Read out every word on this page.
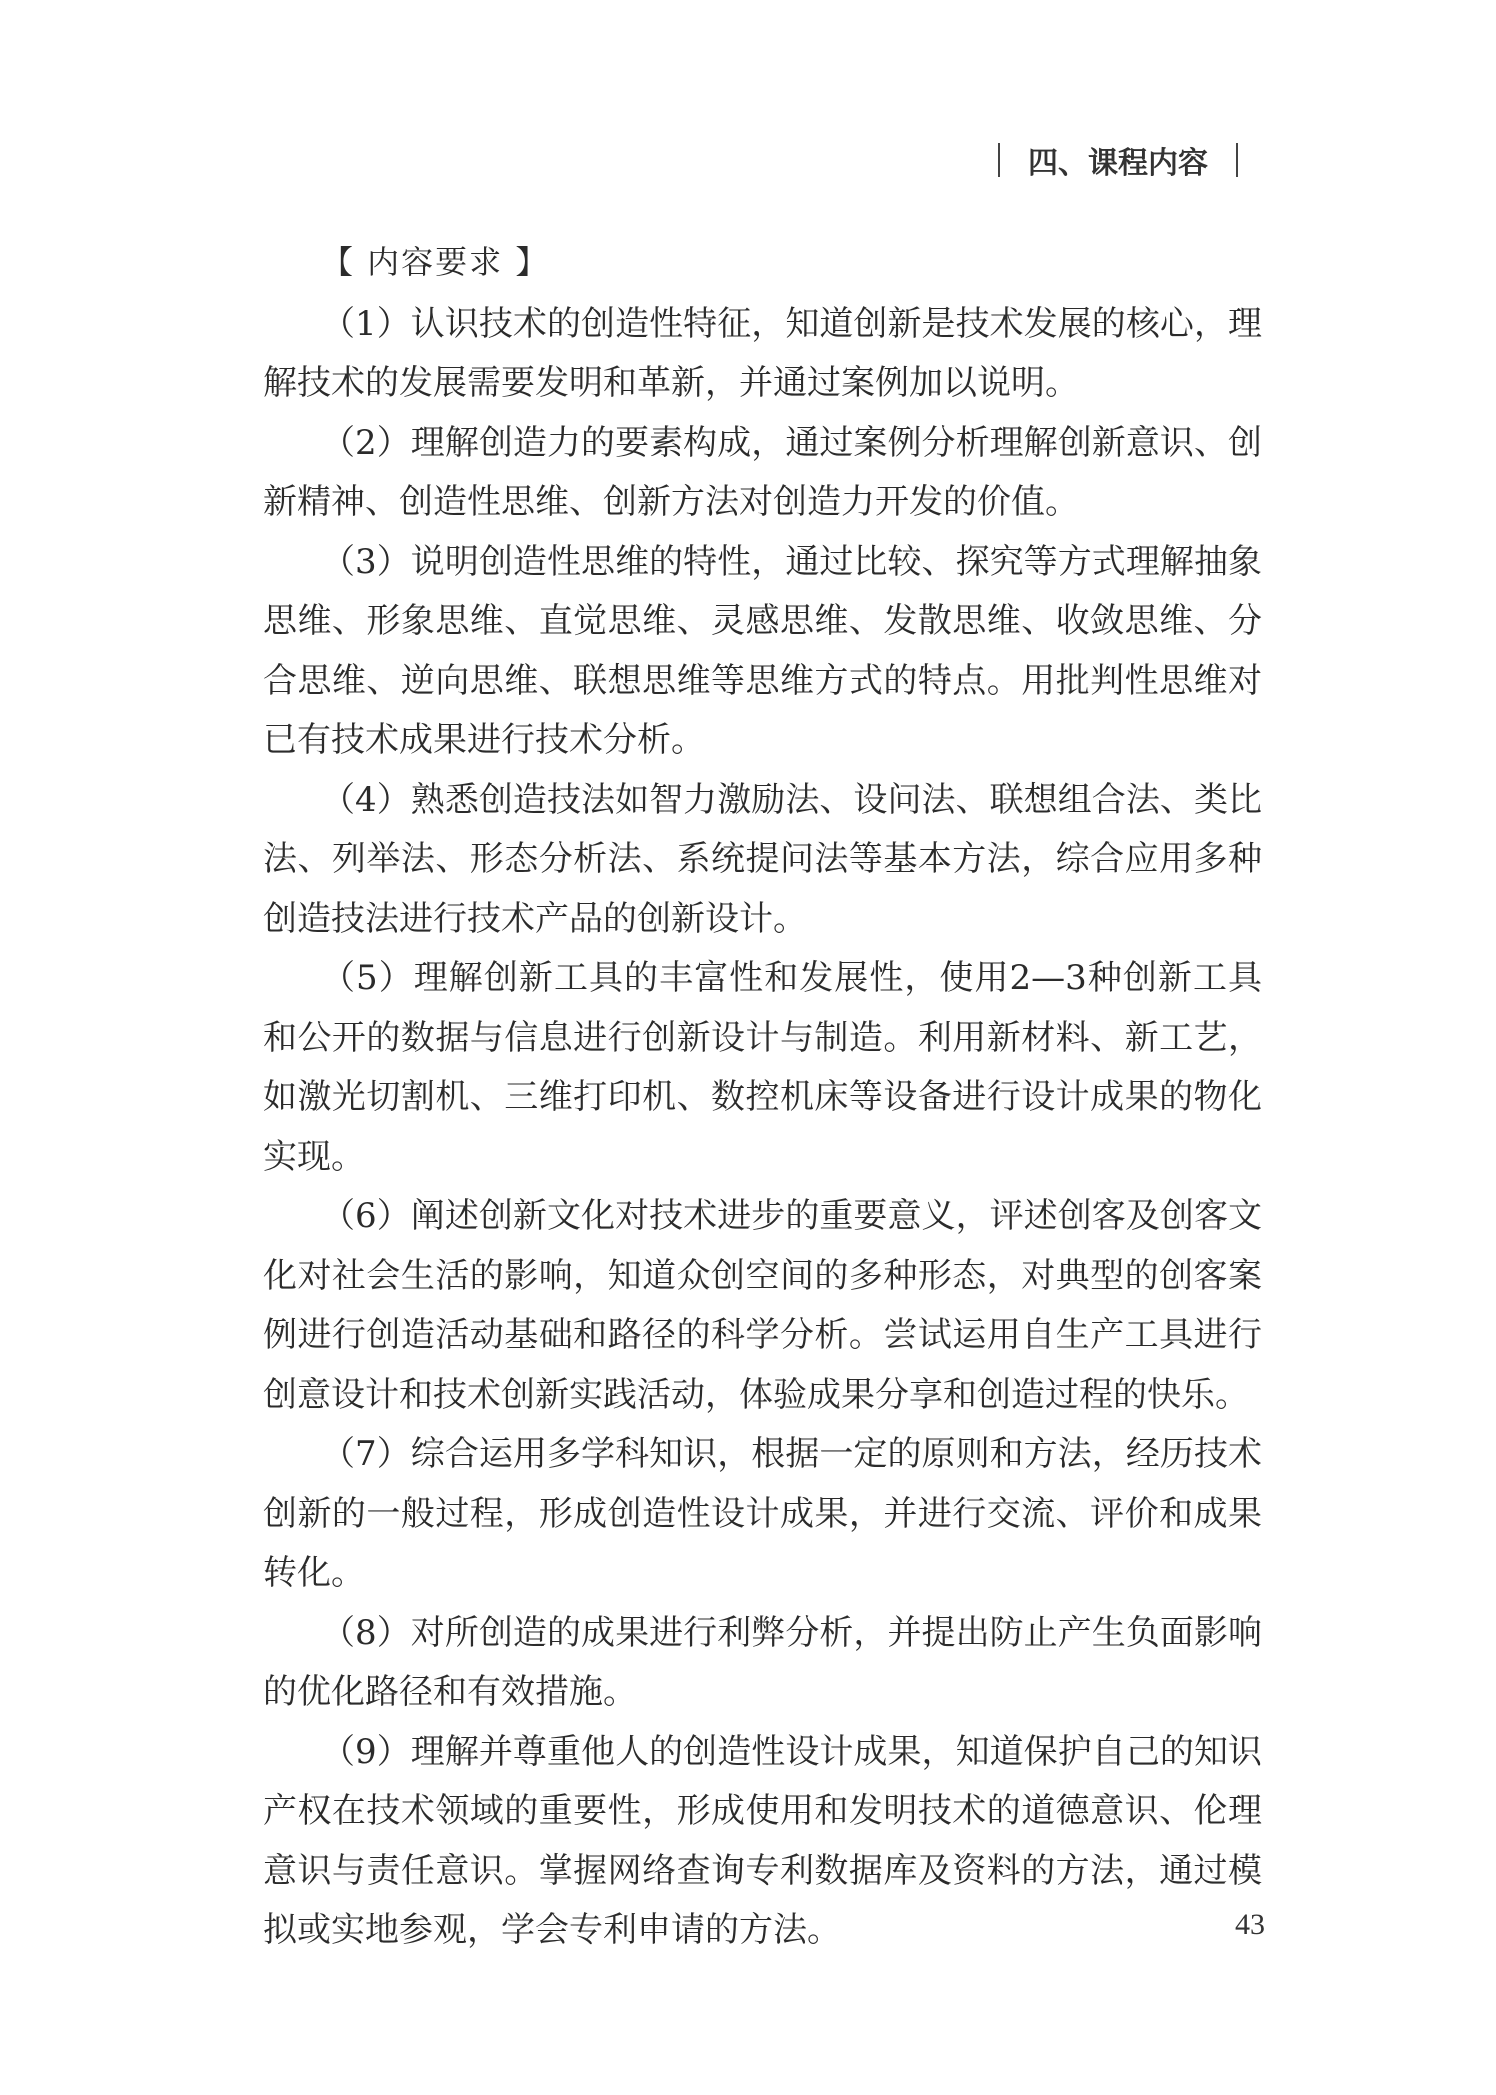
四、课程内容
【 内容要求 】

（1）认识技术的创造性特征，知道创新是技术发展的核心，理解技术的发展需要发明和革新，并通过案例加以说明。

（2）理解创造力的要素构成，通过案例分析理解创新意识、创新精神、创造性思维、创新方法对创造力开发的价值。

（3）说明创造性思维的特性，通过比较、探究等方式理解抽象思维、形象思维、直觉思维、灵感思维、发散思维、收敛思维、分合思维、逆向思维、联想思维等思维方式的特点。用批判性思维对已有技术成果进行技术分析。

（4）熟悉创造技法如智力激励法、设问法、联想组合法、类比法、列举法、形态分析法、系统提问法等基本方法，综合应用多种创造技法进行技术产品的创新设计。

（5）理解创新工具的丰富性和发展性，使用2—3种创新工具和公开的数据与信息进行创新设计与制造。利用新材料、新工艺，如激光切割机、三维打印机、数控机床等设备进行设计成果的物化实现。

（6）阐述创新文化对技术进步的重要意义，评述创客及创客文化对社会生活的影响，知道众创空间的多种形态，对典型的创客案例进行创造活动基础和路径的科学分析。尝试运用自生产工具进行创意设计和技术创新实践活动，体验成果分享和创造过程的快乐。

（7）综合运用多学科知识，根据一定的原则和方法，经历技术创新的一般过程，形成创造性设计成果，并进行交流、评价和成果转化。

（8）对所创造的成果进行利弊分析，并提出防止产生负面影响的优化路径和有效措施。

（9）理解并尊重他人的创造性设计成果，知道保护自己的知识产权在技术领域的重要性，形成使用和发明技术的道德意识、伦理意识与责任意识。掌握网络查询专利数据库及资料的方法，通过模拟或实地参观，学会专利申请的方法。	43
